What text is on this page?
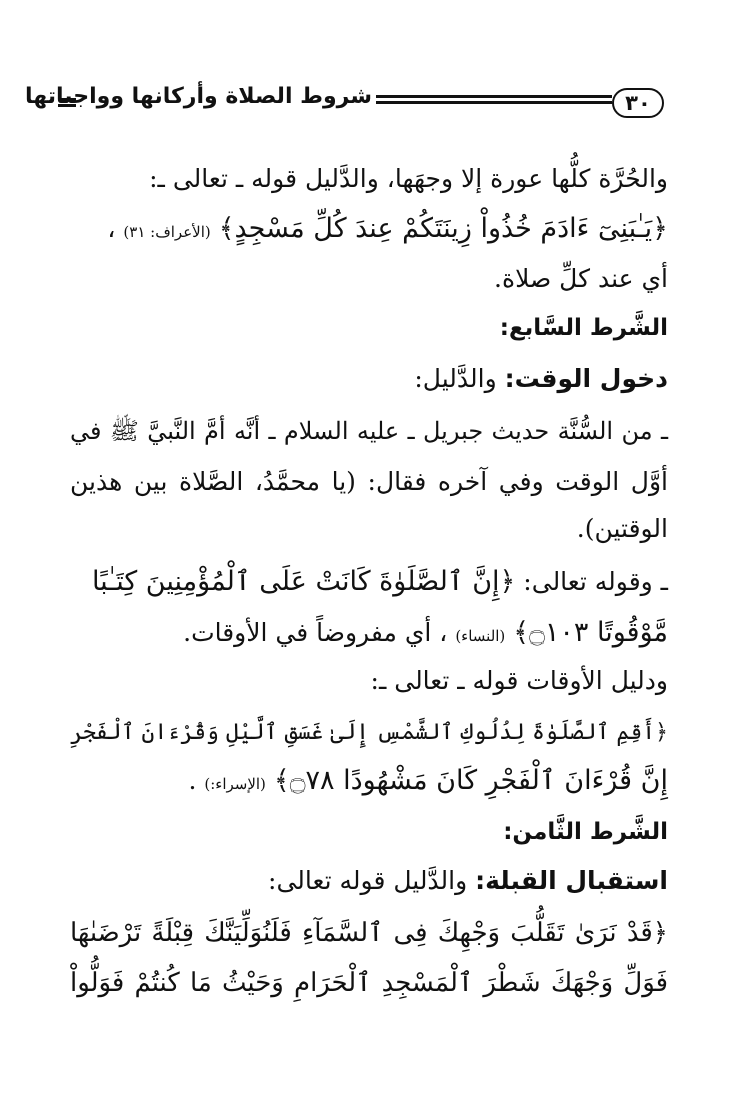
شروط الصلاة وأركانها وواجباتها	٣٠
والحُرَّة كلُّها عورة إلا وجهَها، والدَّليل قوله ـ تعالى ـ:
﴿يَـٰبَنِىٓ ءَادَمَ خُذُواْ زِينَتَكُمْ عِندَ كُلِّ مَسْجِدٍ﴾ (الأعراف: ٣١) ،
أي عند كلِّ صلاة.
الشَّرط السَّابع:
دخول الوقت: والدَّليل:
ـ من السُّنَّة حديث جبريل ـ عليه السلام ـ أنَّه أمَّ النَّبيَّ ﷺ في
أوَّل الوقت وفي آخره فقال: (يا محمَّدُ، الصَّلاة بين هذين
الوقتين).
ـ وقوله تعالى: ﴿إِنَّ ٱلصَّلَوٰةَ كَانَتْ عَلَى ٱلْمُؤْمِنِينَ كِتَـٰبًا
مَّوْقُوتًا ۝١٠٣﴾ (النساء) ، أي مفروضاً في الأوقات.
ودليل الأوقات قوله ـ تعالى ـ:
﴿أَقِمِ ٱلصَّلَوٰةَ لِدُلُوكِ ٱلشَّمْسِ إِلَىٰ غَسَقِ ٱلَّيْلِ وَقُرْءَانَ ٱلْفَجْرِ
إِنَّ قُرْءَانَ ٱلْفَجْرِ كَانَ مَشْهُودًا ۝٧٨﴾ (الإسراء:) .
الشَّرط الثَّامن:
استقبال القبلة: والدَّليل قوله تعالى:
﴿قَدْ نَرَىٰ تَقَلُّبَ وَجْهِكَ فِى ٱلسَّمَآءِ فَلَنُوَلِّيَنَّكَ قِبْلَةً تَرْضَىٰهَا
فَوَلِّ وَجْهَكَ شَطْرَ ٱلْمَسْجِدِ ٱلْحَرَامِ وَحَيْثُ مَا كُنتُمْ فَوَلُّواْ
